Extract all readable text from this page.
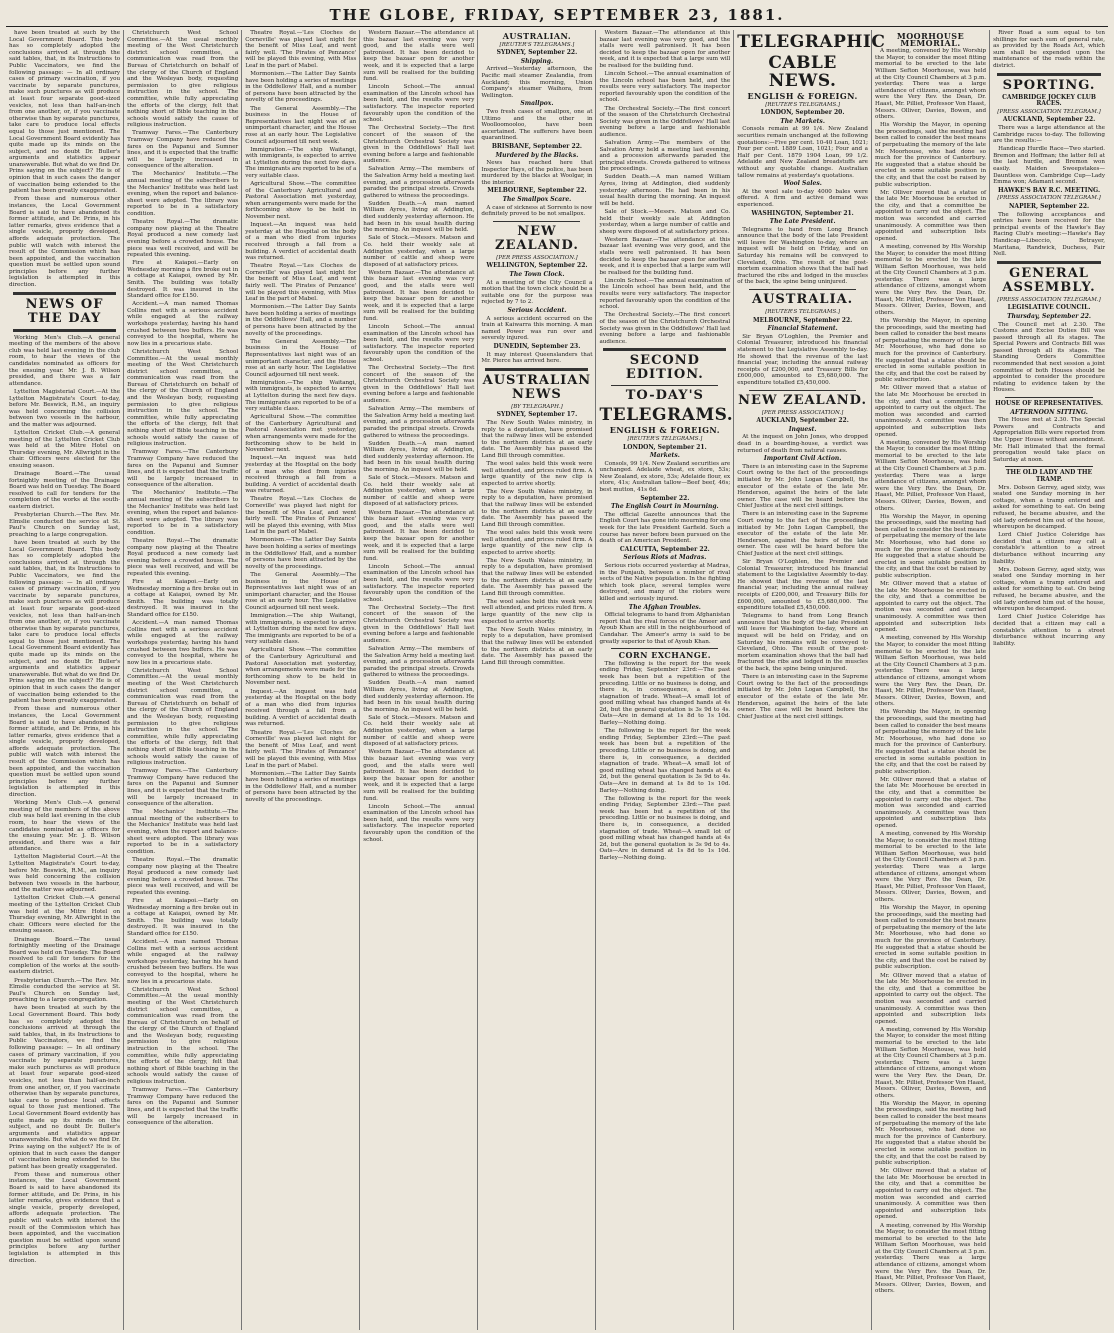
THE GLOBE, FRIDAY, SEPTEMBER 23, 1881.

have been treated at such by the Local Government Board. This body has so completely adopted the conclusions arrived at through the said tables, that, in its Instructions to Public Vaccinators, we find the following passage: — In all ordinary cases of primary vaccination, if you vaccinate by separate punctures, make such punctures as will produce at least four separate good-sized vesicles, not less than half-an-inch from one another, or, if you vaccinate otherwise than by separate punctures, take care to produce local effects equal to those just mentioned. The Local Government Board evidently has quite made up its minds on the subject, and no doubt Dr. Buller's arguments and statistics appear unanswerable. But what do we find Dr. Prins saying on the subject? He is of opinion that in such cases the danger of vaccination being extended to the patient has been greatly exaggerated.

From these and numerous other instances, the Local Government Board is said to have abandoned its former attitude, and Dr. Prins, in his latter remarks, gives evidence that a single vesicle, properly developed, affords adequate protection. The public will watch with interest the result of the Commission which has been appointed, and the vaccination question must be settled upon sound principles before any further legislation is attempted in this direction.

NEWS OF THE DAY

Working Men's Club.—A general meeting of the members of the above club was held last evening in the club room, to hear the views of the candidates nominated as officers for the ensuing year. Mr. J. B. Wilson presided, and there was a fair attendance.

Lyttelton Magisterial Court.—At the Lyttelton Magistrate's Court to-day, before Mr. Beswick, R.M., an inquiry was held concerning the collision between two vessels in the harbour, and the matter was adjourned.

Lyttelton Cricket Club.—A general meeting of the Lyttelton Cricket Club was held at the Mitre Hotel on Thursday evening, Mr. Allwright in the chair. Officers were elected for the ensuing season.

Drainage Board.—The usual fortnightly meeting of the Drainage Board was held on Tuesday. The Board resolved to call for tenders for the completion of the works at the south-eastern district.

Presbyterian Church.—The Rev. Mr. Elmslie conducted the service at St. Paul's Church on Sunday last, preaching to a large congregation.

have been treated at such by the Local Government Board. This body has so completely adopted the conclusions arrived at through the said tables, that, in its Instructions to Public Vaccinators, we find the following passage: — In all ordinary cases of primary vaccination, if you vaccinate by separate punctures, make such punctures as will produce at least four separate good-sized vesicles, not less than half-an-inch from one another, or, if you vaccinate otherwise than by separate punctures, take care to produce local effects equal to those just mentioned. The Local Government Board evidently has quite made up its minds on the subject, and no doubt Dr. Buller's arguments and statistics appear unanswerable. But what do we find Dr. Prins saying on the subject? He is of opinion that in such cases the danger of vaccination being extended to the patient has been greatly exaggerated.

From these and numerous other instances, the Local Government Board is said to have abandoned its former attitude, and Dr. Prins, in his latter remarks, gives evidence that a single vesicle, properly developed, affords adequate protection. The public will watch with interest the result of the Commission which has been appointed, and the vaccination question must be settled upon sound principles before any further legislation is attempted in this direction.

Working Men's Club.—A general meeting of the members of the above club was held last evening in the club room, to hear the views of the candidates nominated as officers for the ensuing year. Mr. J. B. Wilson presided, and there was a fair attendance.

Lyttelton Magisterial Court.—At the Lyttelton Magistrate's Court to-day, before Mr. Beswick, R.M., an inquiry was held concerning the collision between two vessels in the harbour, and the matter was adjourned.

Lyttelton Cricket Club.—A general meeting of the Lyttelton Cricket Club was held at the Mitre Hotel on Thursday evening, Mr. Allwright in the chair. Officers were elected for the ensuing season.

Drainage Board.—The usual fortnightly meeting of the Drainage Board was held on Tuesday. The Board resolved to call for tenders for the completion of the works at the south-eastern district.

Presbyterian Church.—The Rev. Mr. Elmslie conducted the service at St. Paul's Church on Sunday last, preaching to a large congregation.

have been treated at such by the Local Government Board. This body has so completely adopted the conclusions arrived at through the said tables, that, in its Instructions to Public Vaccinators, we find the following passage: — In all ordinary cases of primary vaccination, if you vaccinate by separate punctures, make such punctures as will produce at least four separate good-sized vesicles, not less than half-an-inch from one another, or, if you vaccinate otherwise than by separate punctures, take care to produce local effects equal to those just mentioned. The Local Government Board evidently has quite made up its minds on the subject, and no doubt Dr. Buller's arguments and statistics appear unanswerable. But what do we find Dr. Prins saying on the subject? He is of opinion that in such cases the danger of vaccination being extended to the patient has been greatly exaggerated.

From these and numerous other instances, the Local Government Board is said to have abandoned its former attitude, and Dr. Prins, in his latter remarks, gives evidence that a single vesicle, properly developed, affords adequate protection. The public will watch with interest the result of the Commission which has been appointed, and the vaccination question must be settled upon sound principles before any further legislation is attempted in this direction.

Christchurch West School Committee.—At the usual monthly meeting of the West Christchurch district school committee, a communication was read from the Bureau of Christchurch on behalf of the clergy of the Church of England and the Wesleyan body, requesting permission to give religious instruction in the school. The committee, while fully appreciating the efforts of the clergy, felt that nothing short of Bible teaching in the schools would satisfy the cause of religious instruction.

Tramway Fares.—The Canterbury Tramway Company have reduced the fares on the Papanui and Sumner lines, and it is expected that the traffic will be largely increased in consequence of the alteration.

The Mechanics' Institute.—The annual meeting of the subscribers to the Mechanics' Institute was held last evening, when the report and balance-sheet were adopted. The library was reported to be in a satisfactory condition.

Theatre Royal.—The dramatic company now playing at the Theatre Royal produced a new comedy last evening before a crowded house. The piece was well received, and will be repeated this evening.

Fire at Kaiapoi.—Early on Wednesday morning a fire broke out in a cottage at Kaiapoi, owned by Mr. Smith. The building was totally destroyed. It was insured in the Standard office for £150.

Accident.—A man named Thomas Collins met with a serious accident while engaged at the railway workshops yesterday, having his hand crushed between two buffers. He was conveyed to the hospital, where he now lies in a precarious state.

Christchurch West School Committee.—At the usual monthly meeting of the West Christchurch district school committee, a communication was read from the Bureau of Christchurch on behalf of the clergy of the Church of England and the Wesleyan body, requesting permission to give religious instruction in the school. The committee, while fully appreciating the efforts of the clergy, felt that nothing short of Bible teaching in the schools would satisfy the cause of religious instruction.

Tramway Fares.—The Canterbury Tramway Company have reduced the fares on the Papanui and Sumner lines, and it is expected that the traffic will be largely increased in consequence of the alteration.

The Mechanics' Institute.—The annual meeting of the subscribers to the Mechanics' Institute was held last evening, when the report and balance-sheet were adopted. The library was reported to be in a satisfactory condition.

Theatre Royal.—The dramatic company now playing at the Theatre Royal produced a new comedy last evening before a crowded house. The piece was well received, and will be repeated this evening.

Fire at Kaiapoi.—Early on Wednesday morning a fire broke out in a cottage at Kaiapoi, owned by Mr. Smith. The building was totally destroyed. It was insured in the Standard office for £150.

Accident.—A man named Thomas Collins met with a serious accident while engaged at the railway workshops yesterday, having his hand crushed between two buffers. He was conveyed to the hospital, where he now lies in a precarious state.

Christchurch West School Committee.—At the usual monthly meeting of the West Christchurch district school committee, a communication was read from the Bureau of Christchurch on behalf of the clergy of the Church of England and the Wesleyan body, requesting permission to give religious instruction in the school. The committee, while fully appreciating the efforts of the clergy, felt that nothing short of Bible teaching in the schools would satisfy the cause of religious instruction.

Tramway Fares.—The Canterbury Tramway Company have reduced the fares on the Papanui and Sumner lines, and it is expected that the traffic will be largely increased in consequence of the alteration.

The Mechanics' Institute.—The annual meeting of the subscribers to the Mechanics' Institute was held last evening, when the report and balance-sheet were adopted. The library was reported to be in a satisfactory condition.

Theatre Royal.—The dramatic company now playing at the Theatre Royal produced a new comedy last evening before a crowded house. The piece was well received, and will be repeated this evening.

Fire at Kaiapoi.—Early on Wednesday morning a fire broke out in a cottage at Kaiapoi, owned by Mr. Smith. The building was totally destroyed. It was insured in the Standard office for £150.

Accident.—A man named Thomas Collins met with a serious accident while engaged at the railway workshops yesterday, having his hand crushed between two buffers. He was conveyed to the hospital, where he now lies in a precarious state.

Christchurch West School Committee.—At the usual monthly meeting of the West Christchurch district school committee, a communication was read from the Bureau of Christchurch on behalf of the clergy of the Church of England and the Wesleyan body, requesting permission to give religious instruction in the school. The committee, while fully appreciating the efforts of the clergy, felt that nothing short of Bible teaching in the schools would satisfy the cause of religious instruction.

Tramway Fares.—The Canterbury Tramway Company have reduced the fares on the Papanui and Sumner lines, and it is expected that the traffic will be largely increased in consequence of the alteration.

Theatre Royal.—'Les Cloches de Corneville' was played last night for the benefit of Miss Leaf, and went fairly well. 'The Pirates of Penzance' will be played this evening, with Miss Leaf in the part of Mabel.

Mormonism.—The Latter Day Saints have been holding a series of meetings in the Oddfellows' Hall, and a number of persons have been attracted by the novelty of the proceedings.

The General Assembly.—The business in the House of Representatives last night was of an unimportant character, and the House rose at an early hour. The Legislative Council adjourned till next week.

Immigration.—The ship Waitangi, with immigrants, is expected to arrive at Lyttelton during the next few days. The immigrants are reported to be of a very suitable class.

Agricultural Show.—The committee of the Canterbury Agricultural and Pastoral Association met yesterday, when arrangements were made for the forthcoming show to be held in November next.

Inquest.—An inquest was held yesterday at the Hospital on the body of a man who died from injuries received through a fall from a building. A verdict of accidental death was returned.

Theatre Royal.—'Les Cloches de Corneville' was played last night for the benefit of Miss Leaf, and went fairly well. 'The Pirates of Penzance' will be played this evening, with Miss Leaf in the part of Mabel.

Mormonism.—The Latter Day Saints have been holding a series of meetings in the Oddfellows' Hall, and a number of persons have been attracted by the novelty of the proceedings.

The General Assembly.—The business in the House of Representatives last night was of an unimportant character, and the House rose at an early hour. The Legislative Council adjourned till next week.

Immigration.—The ship Waitangi, with immigrants, is expected to arrive at Lyttelton during the next few days. The immigrants are reported to be of a very suitable class.

Agricultural Show.—The committee of the Canterbury Agricultural and Pastoral Association met yesterday, when arrangements were made for the forthcoming show to be held in November next.

Inquest.—An inquest was held yesterday at the Hospital on the body of a man who died from injuries received through a fall from a building. A verdict of accidental death was returned.

Theatre Royal.—'Les Cloches de Corneville' was played last night for the benefit of Miss Leaf, and went fairly well. 'The Pirates of Penzance' will be played this evening, with Miss Leaf in the part of Mabel.

Mormonism.—The Latter Day Saints have been holding a series of meetings in the Oddfellows' Hall, and a number of persons have been attracted by the novelty of the proceedings.

The General Assembly.—The business in the House of Representatives last night was of an unimportant character, and the House rose at an early hour. The Legislative Council adjourned till next week.

Immigration.—The ship Waitangi, with immigrants, is expected to arrive at Lyttelton during the next few days. The immigrants are reported to be of a very suitable class.

Agricultural Show.—The committee of the Canterbury Agricultural and Pastoral Association met yesterday, when arrangements were made for the forthcoming show to be held in November next.

Inquest.—An inquest was held yesterday at the Hospital on the body of a man who died from injuries received through a fall from a building. A verdict of accidental death was returned.

Theatre Royal.—'Les Cloches de Corneville' was played last night for the benefit of Miss Leaf, and went fairly well. 'The Pirates of Penzance' will be played this evening, with Miss Leaf in the part of Mabel.

Mormonism.—The Latter Day Saints have been holding a series of meetings in the Oddfellows' Hall, and a number of persons have been attracted by the novelty of the proceedings.

Western Bazaar.—The attendance at this bazaar last evening was very good, and the stalls were well patronised. It has been decided to keep the bazaar open for another week, and it is expected that a large sum will be realised for the building fund.

Lincoln School.—The annual examination of the Lincoln school has been held, and the results were very satisfactory. The inspector reported favourably upon the condition of the school.

The Orchestral Society.—The first concert of the season of the Christchurch Orchestral Society was given in the Oddfellows' Hall last evening before a large and fashionable audience.

Salvation Army.—The members of the Salvation Army held a meeting last evening, and a procession afterwards paraded the principal streets. Crowds gathered to witness the proceedings.

Sudden Death.—A man named William Ayres, living at Addington, died suddenly yesterday afternoon. He had been in his usual health during the morning. An inquest will be held.

Sale of Stock.—Messrs. Matson and Co. held their weekly sale at Addington yesterday, when a large number of cattle and sheep were disposed of at satisfactory prices.

Western Bazaar.—The attendance at this bazaar last evening was very good, and the stalls were well patronised. It has been decided to keep the bazaar open for another week, and it is expected that a large sum will be realised for the building fund.

Lincoln School.—The annual examination of the Lincoln school has been held, and the results were very satisfactory. The inspector reported favourably upon the condition of the school.

The Orchestral Society.—The first concert of the season of the Christchurch Orchestral Society was given in the Oddfellows' Hall last evening before a large and fashionable audience.

Salvation Army.—The members of the Salvation Army held a meeting last evening, and a procession afterwards paraded the principal streets. Crowds gathered to witness the proceedings.

Sudden Death.—A man named William Ayres, living at Addington, died suddenly yesterday afternoon. He had been in his usual health during the morning. An inquest will be held.

Sale of Stock.—Messrs. Matson and Co. held their weekly sale at Addington yesterday, when a large number of cattle and sheep were disposed of at satisfactory prices.

Western Bazaar.—The attendance at this bazaar last evening was very good, and the stalls were well patronised. It has been decided to keep the bazaar open for another week, and it is expected that a large sum will be realised for the building fund.

Lincoln School.—The annual examination of the Lincoln school has been held, and the results were very satisfactory. The inspector reported favourably upon the condition of the school.

The Orchestral Society.—The first concert of the season of the Christchurch Orchestral Society was given in the Oddfellows' Hall last evening before a large and fashionable audience.

Salvation Army.—The members of the Salvation Army held a meeting last evening, and a procession afterwards paraded the principal streets. Crowds gathered to witness the proceedings.

Sudden Death.—A man named William Ayres, living at Addington, died suddenly yesterday afternoon. He had been in his usual health during the morning. An inquest will be held.

Sale of Stock.—Messrs. Matson and Co. held their weekly sale at Addington yesterday, when a large number of cattle and sheep were disposed of at satisfactory prices.

Western Bazaar.—The attendance at this bazaar last evening was very good, and the stalls were well patronised. It has been decided to keep the bazaar open for another week, and it is expected that a large sum will be realised for the building fund.

Lincoln School.—The annual examination of the Lincoln school has been held, and the results were very satisfactory. The inspector reported favourably upon the condition of the school.

AUSTRALIAN.
[REUTER'S TELEGRAMS.]
SYDNEY, September 22.
Shipping.

Arrived—Yesterday afternoon, the Pacific mail steamer Zealandia, from Auckland; this morning, Union Company's steamer Waihora, from Wellington.

Smallpox.

Two fresh cases of smallpox, one at Ultimo and the other in Woolloomooloo, have been ascertained. The sufferers have been quarantined.

BRISBANE, September 22.
Murdered by the Blacks.

News has reached here that Inspector Hays, of the police, has been murdered by the blacks at Woolgar, in the interior.

MELBOURNE, September 22.
The Smallpox Scare.

A case of sickness at Sorrento is now definitely proved to be not smallpox.

NEW ZEALAND.
[PER PRESS ASSOCIATION.]
WELLINGTON, September 22.
The Town Clock.

At a meeting of the City Council a motion that the town clock should be a suitable one for the purpose was rejected by 7 to 2.

Serious Accident.

A serious accident occurred on the train at Kaiwarra this morning. A man named Power was run over and severely injured.

DUNEDIN, September 23.

It may interest Queenslanders that Mr. Pierce has arrived here.

AUSTRALIAN NEWS
[BY TELEGRAPH.]
SYDNEY, September 17.

The New South Wales ministry, in reply to a deputation, have promised that the railway lines will be extended to the northern districts at an early date. The Assembly has passed the Land Bill through committee.

The wool sales held this week were well attended, and prices ruled firm. A large quantity of the new clip is expected to arrive shortly.

The New South Wales ministry, in reply to a deputation, have promised that the railway lines will be extended to the northern districts at an early date. The Assembly has passed the Land Bill through committee.

The wool sales held this week were well attended, and prices ruled firm. A large quantity of the new clip is expected to arrive shortly.

The New South Wales ministry, in reply to a deputation, have promised that the railway lines will be extended to the northern districts at an early date. The Assembly has passed the Land Bill through committee.

The wool sales held this week were well attended, and prices ruled firm. A large quantity of the new clip is expected to arrive shortly.

The New South Wales ministry, in reply to a deputation, have promised that the railway lines will be extended to the northern districts at an early date. The Assembly has passed the Land Bill through committee.

Western Bazaar.—The attendance at this bazaar last evening was very good, and the stalls were well patronised. It has been decided to keep the bazaar open for another week, and it is expected that a large sum will be realised for the building fund.

Lincoln School.—The annual examination of the Lincoln school has been held, and the results were very satisfactory. The inspector reported favourably upon the condition of the school.

The Orchestral Society.—The first concert of the season of the Christchurch Orchestral Society was given in the Oddfellows' Hall last evening before a large and fashionable audience.

Salvation Army.—The members of the Salvation Army held a meeting last evening, and a procession afterwards paraded the principal streets. Crowds gathered to witness the proceedings.

Sudden Death.—A man named William Ayres, living at Addington, died suddenly yesterday afternoon. He had been in his usual health during the morning. An inquest will be held.

Sale of Stock.—Messrs. Matson and Co. held their weekly sale at Addington yesterday, when a large number of cattle and sheep were disposed of at satisfactory prices.

Western Bazaar.—The attendance at this bazaar last evening was very good, and the stalls were well patronised. It has been decided to keep the bazaar open for another week, and it is expected that a large sum will be realised for the building fund.

Lincoln School.—The annual examination of the Lincoln school has been held, and the results were very satisfactory. The inspector reported favourably upon the condition of the school.

The Orchestral Society.—The first concert of the season of the Christchurch Orchestral Society was given in the Oddfellows' Hall last evening before a large and fashionable audience.

SECOND EDITION.
TO-DAY'S
TELEGRAMS.
ENGLISH & FOREIGN.
[REUTER'S TELEGRAMS.]
LONDON, September 21.
Markets.

Consols, 99 1/4. New Zealand securities are unchanged. Adelaide wheat, ex store, 53s; New Zealand, ex store, 53s; Adelaide flour, ex store, 41s; Australian tallow—Beef beef, 46s; best mutton, 41s 6d.

September 22.
The English Court in Mourning.

The official Gazette announces that the English Court has gone into mourning for one week for the late President Garfield. Such a course has never before been pursued on the death of an American President.

CALCUTTA, September 22.
Serious Riots at Madras.

Serious riots occurred yesterday at Madras, in the Punjaub, between a number of rival sects of the Native population. In the fighting which took place, several temples were destroyed, and many of the rioters were killed and seriously injured.

The Afghan Troubles.

Official telegrams to hand from Afghanistan report that the rival forces of the Ameer and Ayoub Khan are still in the neighbourhood of Candahar. The Ameer's army is said to be greatly superior to that of Ayoub Khan.

CORN EXCHANGE.

The following is the report for the week ending Friday, September 23rd:—The past week has been but a repetition of the preceding. Little or no business is doing, and there is, in consequence, a decided stagnation of trade. Wheat—A small lot of good milling wheat has changed hands at 4s 2d, but the general quotation is 3s 9d to 4s. Oats—Are in demand at 1s 8d to 1s 10d. Barley—Nothing doing.

The following is the report for the week ending Friday, September 23rd:—The past week has been but a repetition of the preceding. Little or no business is doing, and there is, in consequence, a decided stagnation of trade. Wheat—A small lot of good milling wheat has changed hands at 4s 2d, but the general quotation is 3s 9d to 4s. Oats—Are in demand at 1s 8d to 1s 10d. Barley—Nothing doing.

The following is the report for the week ending Friday, September 23rd:—The past week has been but a repetition of the preceding. Little or no business is doing, and there is, in consequence, a decided stagnation of trade. Wheat—A small lot of good milling wheat has changed hands at 4s 2d, but the general quotation is 3s 9d to 4s. Oats—Are in demand at 1s 8d to 1s 10d. Barley—Nothing doing.

TELEGRAPHIC
CABLE NEWS.
ENGLISH & FOREIGN.
[REUTER'S TELEGRAMS.]
LONDON, September 20.
The Markets.

Consols remain at 99 1/4. New Zealand securities remain unchanged at the following quotations:—Five per cent. 10-40 Loan, 1021; Four per cent. 1889 Loan, 1021; Four and a Half per Cent. 1879 1904 Loan, 99 1/2. Adelaide and New Zealand breadstuffs are without any quotable change. Australian tallow remains at yesterday's quotations.

Wool Sales.

At the wool sale to-day 4000 bales were offered. A firm and active demand was experienced.

WASHINGTON, September 21.
The Late President.

Telegrams to hand from Long Branch announce that the body of the late President will leave for Washington to-day, where an inquest will be held on Friday, and on Saturday his remains will be conveyed to Cleveland, Ohio. The result of the post-mortem examination shows that the ball had fractured the ribs and lodged in the muscles of the back, the spine being uninjured.

AUSTRALIA.
[REUTER'S TELEGRAMS.]
MELBOURNE, September 22.
Financial Statement.

Sir Bryan O'Loghlen, the Premier and Colonial Treasurer, introduced his financial statement to the Legislative Assembly to-day. He showed that the revenue of the last financial year, including the annual railway receipts of £200,000, and Treasury Bills for £600,000, amounted to £5,680,000. The expenditure totalled £5,450,000.

NEW ZEALAND.
[PER PRESS ASSOCIATION.]
AUCKLAND, September 22.
Inquest.

At the inquest on John Jones, who dropped dead in a boarding-house, a verdict was returned of death from natural causes.

Important Civil Action.

There is an interesting case in the Supreme Court owing to the fact of the proceedings initiated by Mr. John Logan Campbell, the executor of the estate of the late Mr. Henderson, against the heirs of the late owner. The case will be heard before the Chief Justice at the next civil sittings.

There is an interesting case in the Supreme Court owing to the fact of the proceedings initiated by Mr. John Logan Campbell, the executor of the estate of the late Mr. Henderson, against the heirs of the late owner. The case will be heard before the Chief Justice at the next civil sittings.

Sir Bryan O'Loghlen, the Premier and Colonial Treasurer, introduced his financial statement to the Legislative Assembly to-day. He showed that the revenue of the last financial year, including the annual railway receipts of £200,000, and Treasury Bills for £600,000, amounted to £5,680,000. The expenditure totalled £5,450,000.

Telegrams to hand from Long Branch announce that the body of the late President will leave for Washington to-day, where an inquest will be held on Friday, and on Saturday his remains will be conveyed to Cleveland, Ohio. The result of the post-mortem examination shows that the ball had fractured the ribs and lodged in the muscles of the back, the spine being uninjured.

There is an interesting case in the Supreme Court owing to the fact of the proceedings initiated by Mr. John Logan Campbell, the executor of the estate of the late Mr. Henderson, against the heirs of the late owner. The case will be heard before the Chief Justice at the next civil sittings.

MOORHOUSE MEMORIAL.

A meeting, convened by His Worship the Mayor, to consider the most fitting memorial to be erected to the late William Sefton Moorhouse, was held at the City Council Chambers at 3 p.m. yesterday. There was a large attendance of citizens, amongst whom were the Very Rev. the Dean, Dr. Haast, Mr. Pilliet, Professor Von Haast, Messrs. Olliver, Davies, Bowen, and others.

His Worship the Mayor, in opening the proceedings, said the meeting had been called to consider the best means of perpetuating the memory of the late Mr. Moorhouse, who had done so much for the province of Canterbury. He suggested that a statue should be erected in some suitable position in the city, and that the cost be raised by public subscription.

Mr. Olliver moved that a statue of the late Mr. Moorhouse be erected in the city, and that a committee be appointed to carry out the object. The motion was seconded and carried unanimously. A committee was then appointed and subscription lists opened.

A meeting, convened by His Worship the Mayor, to consider the most fitting memorial to be erected to the late William Sefton Moorhouse, was held at the City Council Chambers at 3 p.m. yesterday. There was a large attendance of citizens, amongst whom were the Very Rev. the Dean, Dr. Haast, Mr. Pilliet, Professor Von Haast, Messrs. Olliver, Davies, Bowen, and others.

His Worship the Mayor, in opening the proceedings, said the meeting had been called to consider the best means of perpetuating the memory of the late Mr. Moorhouse, who had done so much for the province of Canterbury. He suggested that a statue should be erected in some suitable position in the city, and that the cost be raised by public subscription.

Mr. Olliver moved that a statue of the late Mr. Moorhouse be erected in the city, and that a committee be appointed to carry out the object. The motion was seconded and carried unanimously. A committee was then appointed and subscription lists opened.

A meeting, convened by His Worship the Mayor, to consider the most fitting memorial to be erected to the late William Sefton Moorhouse, was held at the City Council Chambers at 3 p.m. yesterday. There was a large attendance of citizens, amongst whom were the Very Rev. the Dean, Dr. Haast, Mr. Pilliet, Professor Von Haast, Messrs. Olliver, Davies, Bowen, and others.

His Worship the Mayor, in opening the proceedings, said the meeting had been called to consider the best means of perpetuating the memory of the late Mr. Moorhouse, who had done so much for the province of Canterbury. He suggested that a statue should be erected in some suitable position in the city, and that the cost be raised by public subscription.

Mr. Olliver moved that a statue of the late Mr. Moorhouse be erected in the city, and that a committee be appointed to carry out the object. The motion was seconded and carried unanimously. A committee was then appointed and subscription lists opened.

A meeting, convened by His Worship the Mayor, to consider the most fitting memorial to be erected to the late William Sefton Moorhouse, was held at the City Council Chambers at 3 p.m. yesterday. There was a large attendance of citizens, amongst whom were the Very Rev. the Dean, Dr. Haast, Mr. Pilliet, Professor Von Haast, Messrs. Olliver, Davies, Bowen, and others.

His Worship the Mayor, in opening the proceedings, said the meeting had been called to consider the best means of perpetuating the memory of the late Mr. Moorhouse, who had done so much for the province of Canterbury. He suggested that a statue should be erected in some suitable position in the city, and that the cost be raised by public subscription.

Mr. Olliver moved that a statue of the late Mr. Moorhouse be erected in the city, and that a committee be appointed to carry out the object. The motion was seconded and carried unanimously. A committee was then appointed and subscription lists opened.

A meeting, convened by His Worship the Mayor, to consider the most fitting memorial to be erected to the late William Sefton Moorhouse, was held at the City Council Chambers at 3 p.m. yesterday. There was a large attendance of citizens, amongst whom were the Very Rev. the Dean, Dr. Haast, Mr. Pilliet, Professor Von Haast, Messrs. Olliver, Davies, Bowen, and others.

His Worship the Mayor, in opening the proceedings, said the meeting had been called to consider the best means of perpetuating the memory of the late Mr. Moorhouse, who had done so much for the province of Canterbury. He suggested that a statue should be erected in some suitable position in the city, and that the cost be raised by public subscription.

Mr. Olliver moved that a statue of the late Mr. Moorhouse be erected in the city, and that a committee be appointed to carry out the object. The motion was seconded and carried unanimously. A committee was then appointed and subscription lists opened.

A meeting, convened by His Worship the Mayor, to consider the most fitting memorial to be erected to the late William Sefton Moorhouse, was held at the City Council Chambers at 3 p.m. yesterday. There was a large attendance of citizens, amongst whom were the Very Rev. the Dean, Dr. Haast, Mr. Pilliet, Professor Von Haast, Messrs. Olliver, Davies, Bowen, and others.

His Worship the Mayor, in opening the proceedings, said the meeting had been called to consider the best means of perpetuating the memory of the late Mr. Moorhouse, who had done so much for the province of Canterbury. He suggested that a statue should be erected in some suitable position in the city, and that the cost be raised by public subscription.

Mr. Olliver moved that a statue of the late Mr. Moorhouse be erected in the city, and that a committee be appointed to carry out the object. The motion was seconded and carried unanimously. A committee was then appointed and subscription lists opened.

A meeting, convened by His Worship the Mayor, to consider the most fitting memorial to be erected to the late William Sefton Moorhouse, was held at the City Council Chambers at 3 p.m. yesterday. There was a large attendance of citizens, amongst whom were the Very Rev. the Dean, Dr. Haast, Mr. Pilliet, Professor Von Haast, Messrs. Olliver, Davies, Bowen, and others.

River Road a sum equal to ten shillings for each sum of general rate, as provided by the Roads Act, which sum shall be expended upon the maintenance of the roads within the district.

SPORTING.
CAMBRIDGE JOCKEY CLUB RACES.
[PRESS ASSOCIATION TELEGRAM.]
AUCKLAND, September 22.

There was a large attendance at the Cambridge races to-day. The following are the results:—

Handicap Hurdle Race—Two started. Bremon and Hoffman; the latter fell at the last hurdle, and Bremon won easily. Maiden Sweepstakes—Dauntless won. Cambridge Cup—Lady Emma won; Adamant second.

HAWKE'S BAY R.C. MEETING.
[PRESS ASSOCIATION TELEGRAM.]
NAPIER, September 22.

The following acceptances and entries have been received for the principal events of the Hawke's Bay Racing Club's meeting:—Hawke's Bay Handicap—Libeccio, Betrayer, Maritana, Randwick, Duchess, Fair Nell.

GENERAL ASSEMBLY.
[PRESS ASSOCIATION TELEGRAM.]
LEGISLATIVE COUNCIL.
Thursday, September 22.

The Council met at 2.30. The Customs and Excise Duties Bill was passed through all its stages. The Special Powers and Contracts Bill was passed through all its stages. The Standing Orders Committee recommended that next session a joint committee of both Houses should be appointed to consider the procedure relating to evidence taken by the Houses.

HOUSE OF REPRESENTATIVES.
AFTERNOON SITTING.

The House met at 2.30. The Special Powers and Contracts and Appropriation Bills were reported from the Upper House without amendment. Mr. Hall intimated that the formal prorogation would take place on Saturday at noon.

THE OLD LADY AND THE TRAMP.

Mrs. Dobson Gerrey, aged sixty, was seated one Sunday morning in her cottage, when a tramp entered and asked for something to eat. On being refused, he became abusive, and the old lady ordered him out of the house, whereupon he decamped.

Lord Chief Justice Coleridge has decided that a citizen may call a constable's attention to a street disturbance without incurring any liability.

Mrs. Dobson Gerrey, aged sixty, was seated one Sunday morning in her cottage, when a tramp entered and asked for something to eat. On being refused, he became abusive, and the old lady ordered him out of the house, whereupon he decamped.

Lord Chief Justice Coleridge has decided that a citizen may call a constable's attention to a street disturbance without incurring any liability.
